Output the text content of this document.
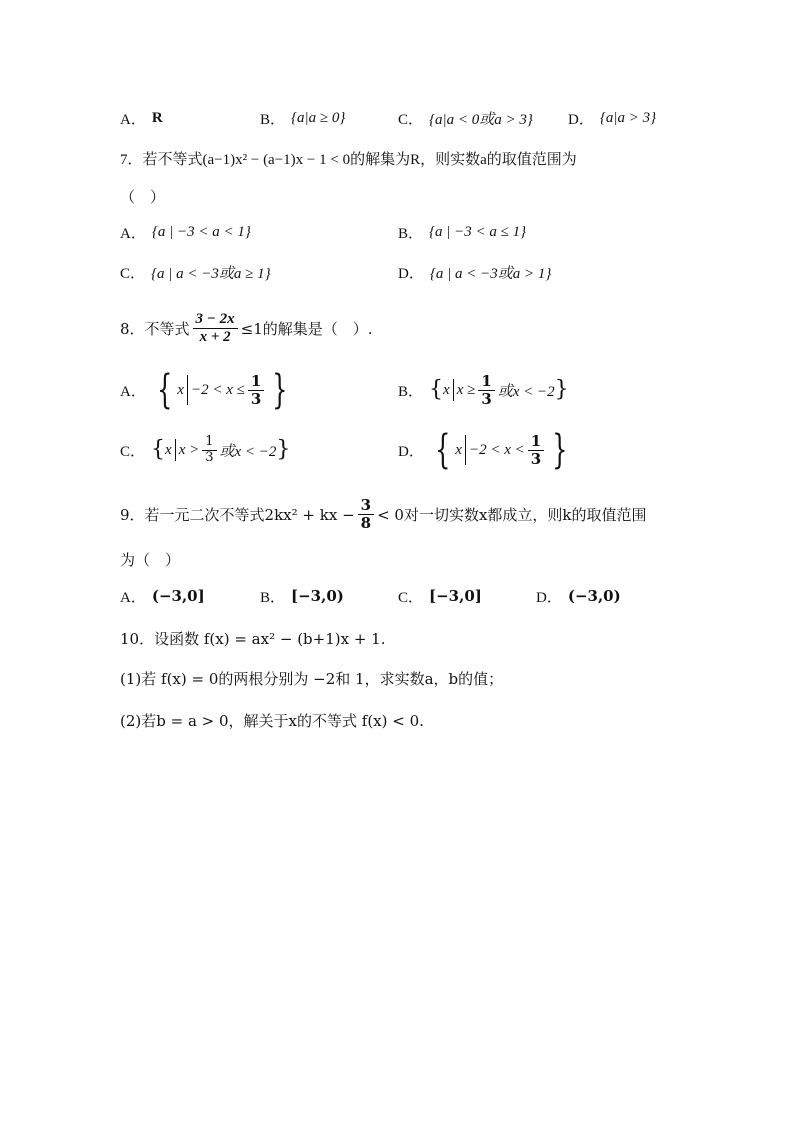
A． R	B． {a|a ≥ 0}	C． {a|a < 0或a > 3} D． {a|a > 3}
7．若不等式(a−1)x² − (a−1)x − 1 < 0的解集为R，则实数a的取值范围为
（　）
A． {a | −3 < a < 1}	B． {a | −3 < a ≤ 1}
C． {a | a < −3或a ≥ 1}	D． {a | a < −3或a > 1}
8．不等式 $\frac{3 - 2x}{x + 2} \le 1$的解集是（　）.
A． { $x -2 < x \le \frac{1}{3}$ }	B． { x $x \ge \frac{1}{3}$ 或x < −2 }
C． { x $x > \frac{1}{3}$ 或x < −2 }	D． { $x -2 < x < \frac{1}{3}$ }
9．若一元二次不等式2kx² + kx − $\frac{3}{8} < 0$对一切实数x都成立，则k的取值范围
为（　）
A． (−3,0]	B． [−3,0)	C． [−3,0]	D． (−3,0)
10．设函数 f(x) = ax² − (b+1)x + 1.
(1)若 f(x) = 0的两根分别为 −2和 1，求实数a，b的值；
(2)若b = a > 0，解关于x的不等式 f(x) < 0.
